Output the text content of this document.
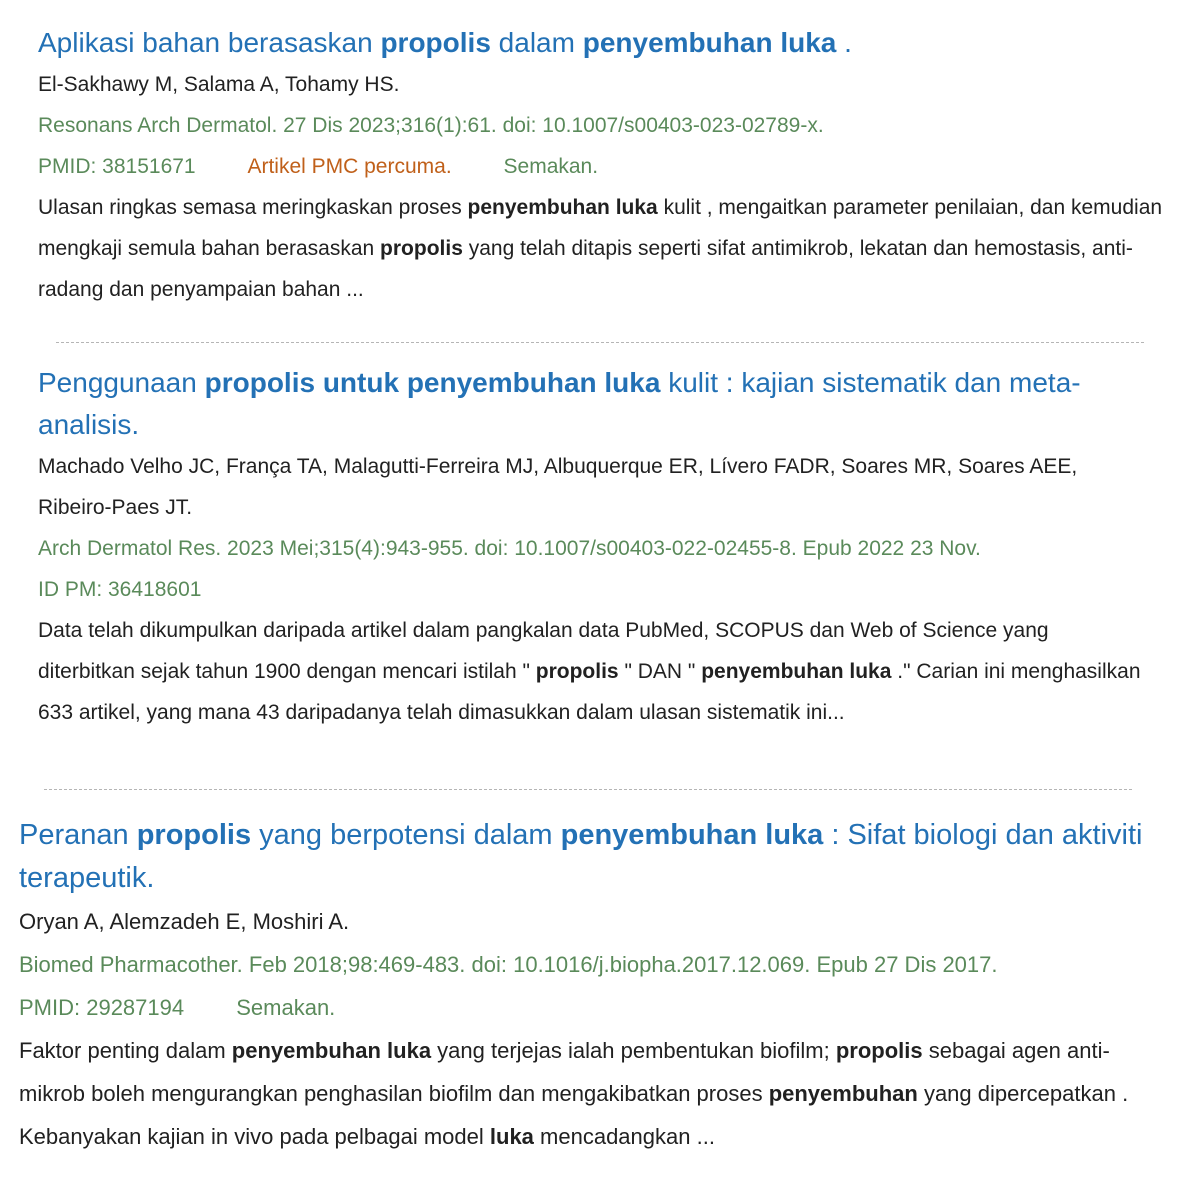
Aplikasi bahan berasaskan propolis dalam penyembuhan luka .
El-Sakhawy M, Salama A, Tohamy HS.
Resonans Arch Dermatol. 27 Dis 2023;316(1):61. doi: 10.1007/s00403-023-02789-x.
PMID: 38151671 Artikel PMC percuma. Semakan.

Ulasan ringkas semasa meringkaskan proses penyembuhan luka kulit , mengaitkan parameter penilaian, dan kemudian mengkaji semula bahan berasaskan propolis yang telah ditapis seperti sifat antimikrob, lekatan dan hemostasis, anti-radang dan penyampaian bahan ...

Penggunaan propolis untuk penyembuhan luka kulit : kajian sistematik dan meta-analisis.
Machado Velho JC, França TA, Malagutti-Ferreira MJ, Albuquerque ER, Lívero FADR, Soares MR, Soares AEE, Ribeiro-Paes JT.
Arch Dermatol Res. 2023 Mei;315(4):943-955. doi: 10.1007/s00403-022-02455-8. Epub 2022 23 Nov.
ID PM: 36418601

Data telah dikumpulkan daripada artikel dalam pangkalan data PubMed, SCOPUS dan Web of Science yang diterbitkan sejak tahun 1900 dengan mencari istilah " propolis " DAN " penyembuhan luka ." Carian ini menghasilkan 633 artikel, yang mana 43 daripadanya telah dimasukkan dalam ulasan sistematik ini...

Peranan propolis yang berpotensi dalam penyembuhan luka : Sifat biologi dan aktiviti terapeutik.
Oryan A, Alemzadeh E, Moshiri A.
Biomed Pharmacother. Feb 2018;98:469-483. doi: 10.1016/j.biopha.2017.12.069. Epub 27 Dis 2017.
PMID: 29287194 Semakan.

Faktor penting dalam penyembuhan luka yang terjejas ialah pembentukan biofilm; propolis sebagai agen anti-mikrob boleh mengurangkan penghasilan biofilm dan mengakibatkan proses penyembuhan yang dipercepatkan . Kebanyakan kajian in vivo pada pelbagai model luka mencadangkan ...
